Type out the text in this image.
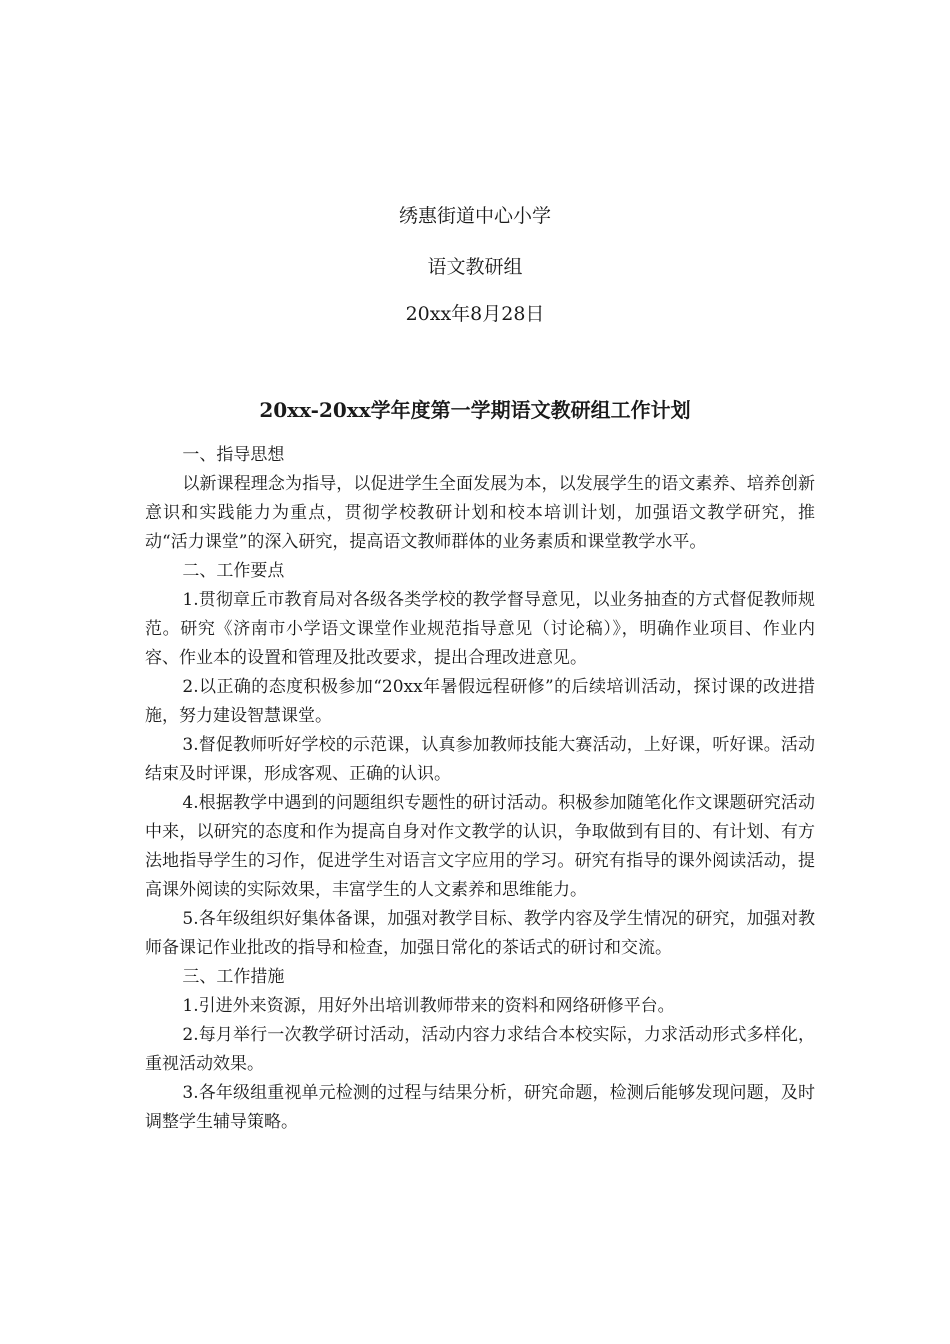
绣惠街道中心小学
语文教研组
20xx年8月28日
20xx-20xx学年度第一学期语文教研组工作计划

一、指导思想

以新课程理念为指导，以促进学生全面发展为本，以发展学生的语文素养、培养创新意识和实践能力为重点，贯彻学校教研计划和校本培训计划，加强语文教学研究，推动“活力课堂”的深入研究，提高语文教师群体的业务素质和课堂教学水平。

二、工作要点

1.贯彻章丘市教育局对各级各类学校的教学督导意见，以业务抽查的方式督促教师规范。研究《济南市小学语文课堂作业规范指导意见（讨论稿）》，明确作业项目、作业内容、作业本的设置和管理及批改要求，提出合理改进意见。

2.以正确的态度积极参加“20xx年暑假远程研修”的后续培训活动，探讨课的改进措施，努力建设智慧课堂。

3.督促教师听好学校的示范课，认真参加教师技能大赛活动，上好课，听好课。活动结束及时评课，形成客观、正确的认识。

4.根据教学中遇到的问题组织专题性的研讨活动。积极参加随笔化作文课题研究活动中来，以研究的态度和作为提高自身对作文教学的认识，争取做到有目的、有计划、有方法地指导学生的习作，促进学生对语言文字应用的学习。研究有指导的课外阅读活动，提高课外阅读的实际效果，丰富学生的人文素养和思维能力。

5.各年级组织好集体备课，加强对教学目标、教学内容及学生情况的研究，加强对教师备课记作业批改的指导和检查，加强日常化的茶话式的研讨和交流。

三、工作措施

1.引进外来资源，用好外出培训教师带来的资料和网络研修平台。

2.每月举行一次教学研讨活动，活动内容力求结合本校实际，力求活动形式多样化，重视活动效果。

3.各年级组重视单元检测的过程与结果分析，研究命题，检测后能够发现问题，及时调整学生辅导策略。
